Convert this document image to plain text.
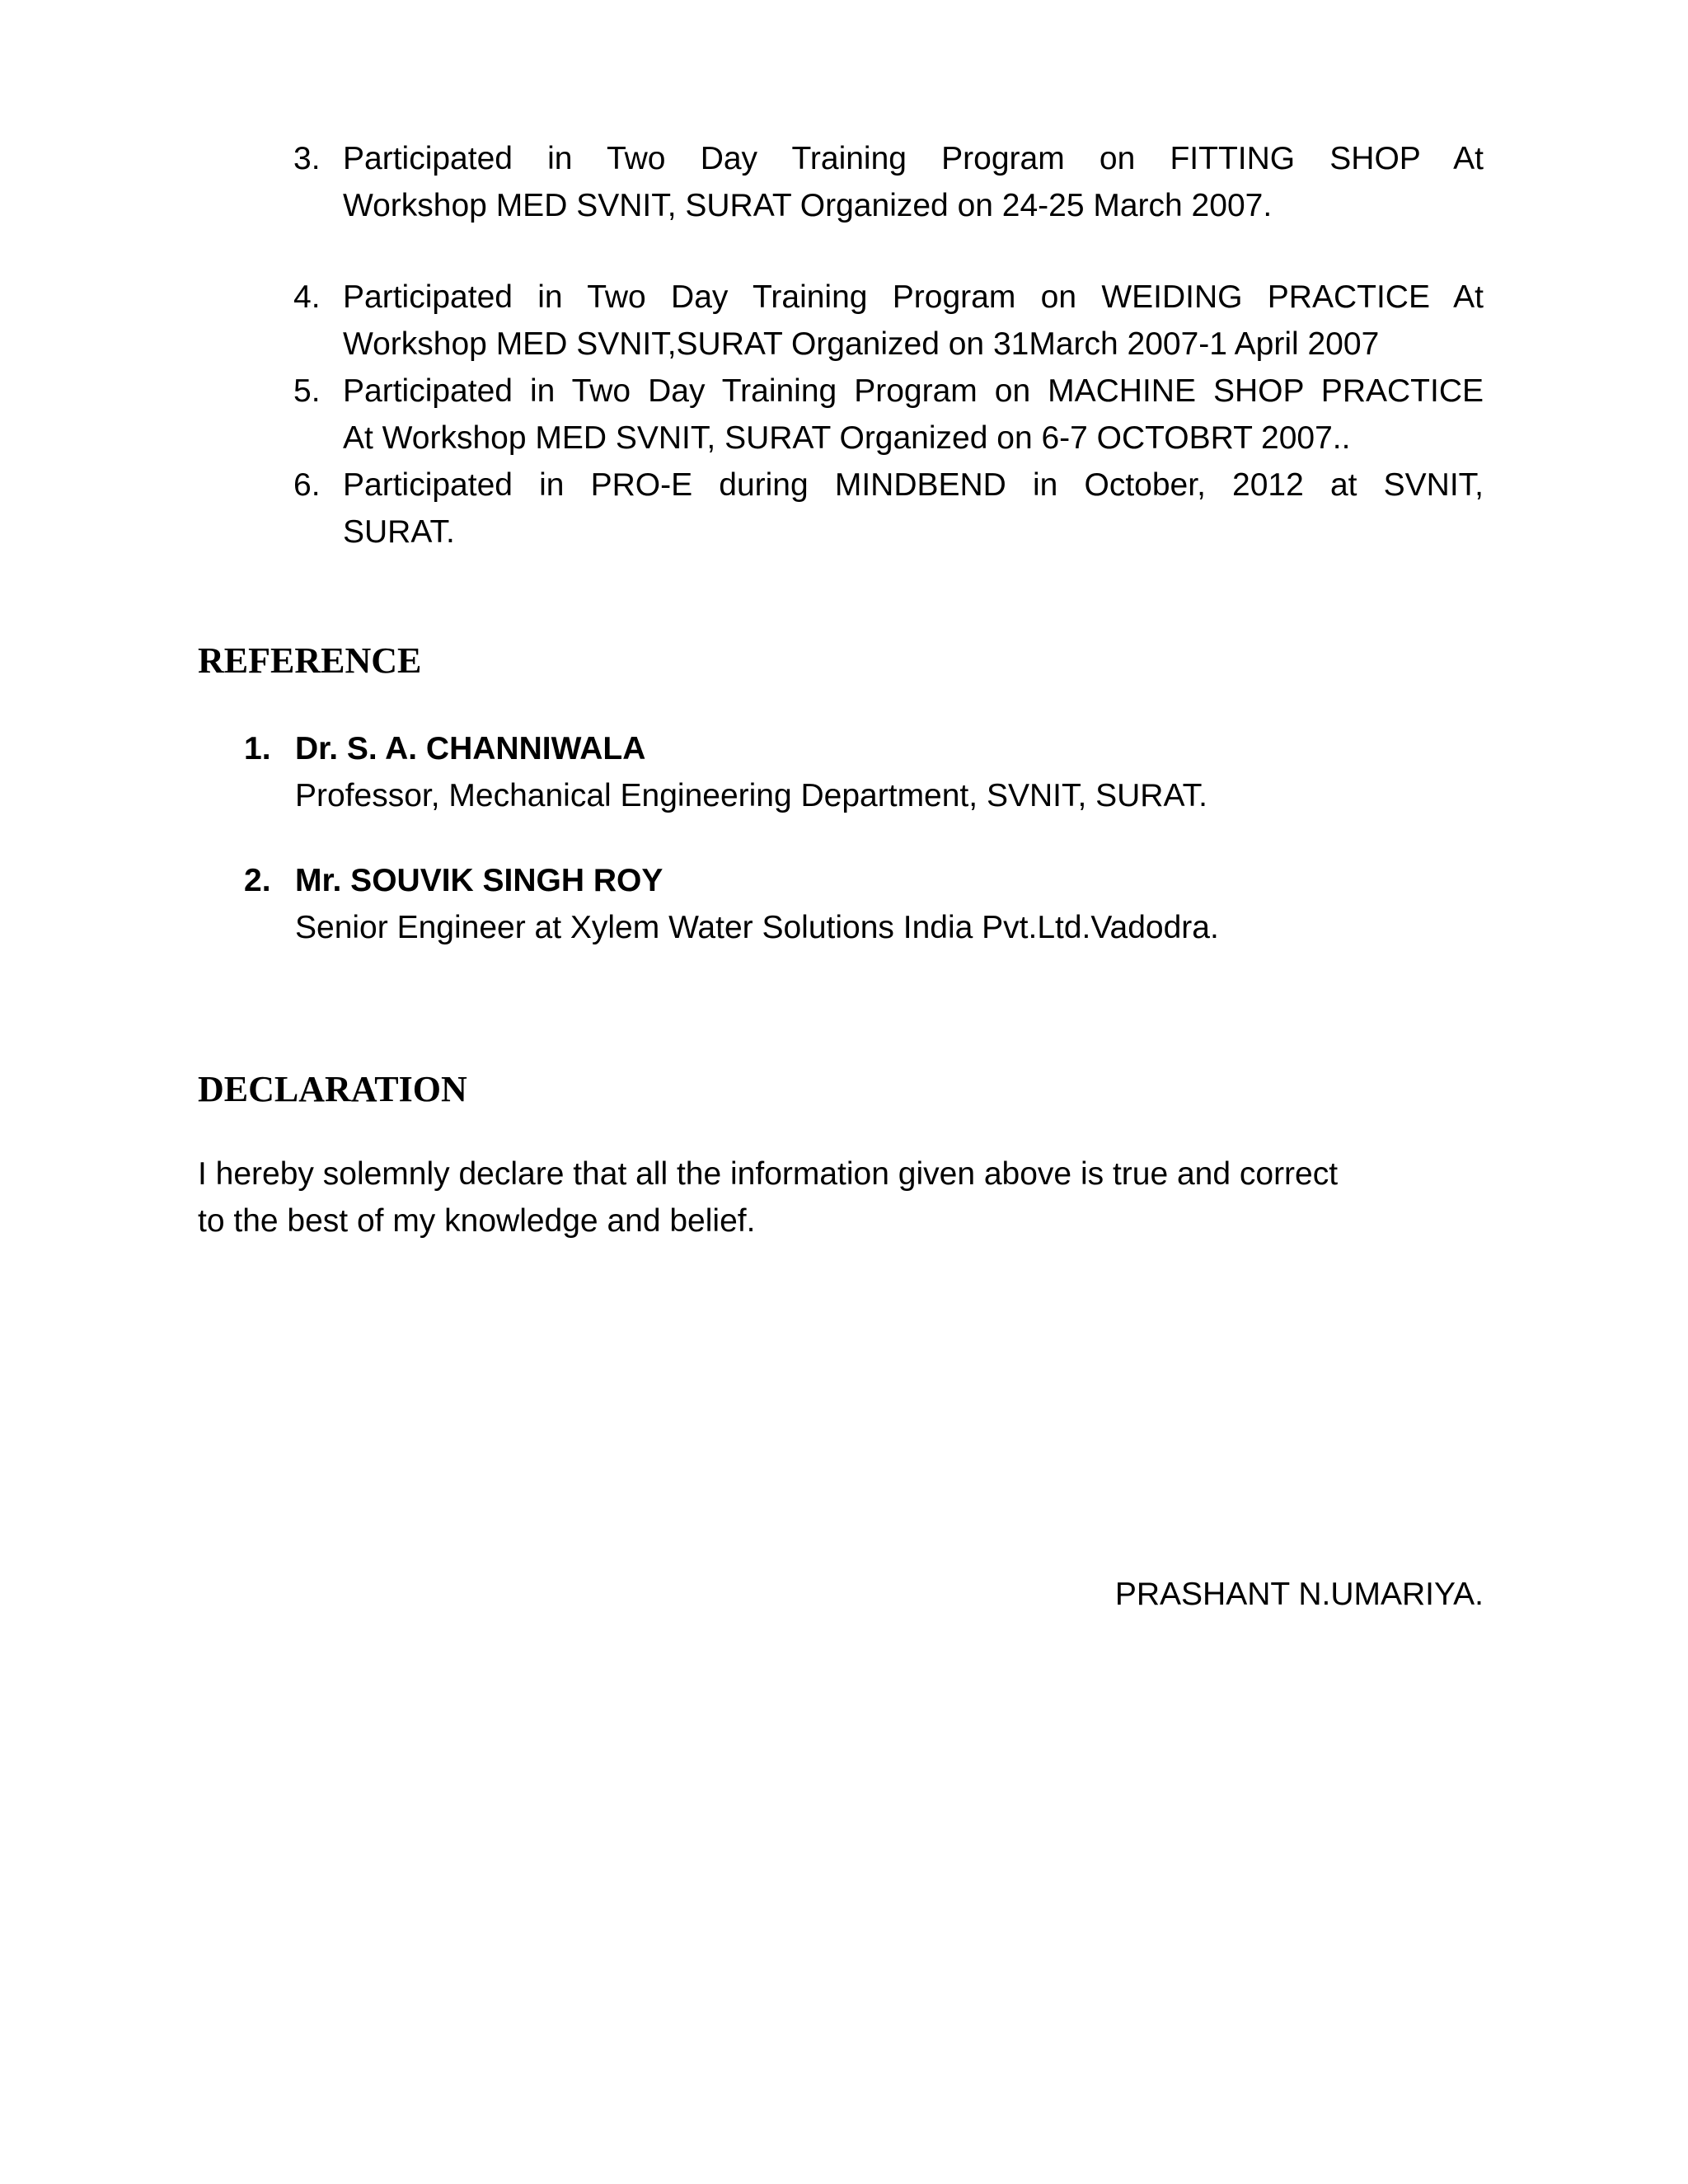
3. Participated in Two Day Training Program on FITTING SHOP At
Workshop MED SVNIT, SURAT Organized on 24-25 March 2007.
4. Participated in Two Day Training Program on WEIDING PRACTICE At
Workshop MED SVNIT,SURAT Organized on 31March 2007-1 April 2007
5. Participated in Two Day Training Program on MACHINE SHOP PRACTICE
At Workshop MED SVNIT, SURAT Organized on 6-7 OCTOBRT 2007..
6. Participated in PRO-E during MINDBEND in October, 2012 at SVNIT,
SURAT.
REFERENCE
1. Dr. S. A. CHANNIWALA
Professor, Mechanical Engineering Department, SVNIT, SURAT.
2. Mr. SOUVIK SINGH ROY
Senior Engineer at Xylem Water Solutions India Pvt.Ltd.Vadodra.
DECLARATION
I hereby solemnly declare that all the information given above is true and correct
to the best of my knowledge and belief.
PRASHANT N.UMARIYA.
